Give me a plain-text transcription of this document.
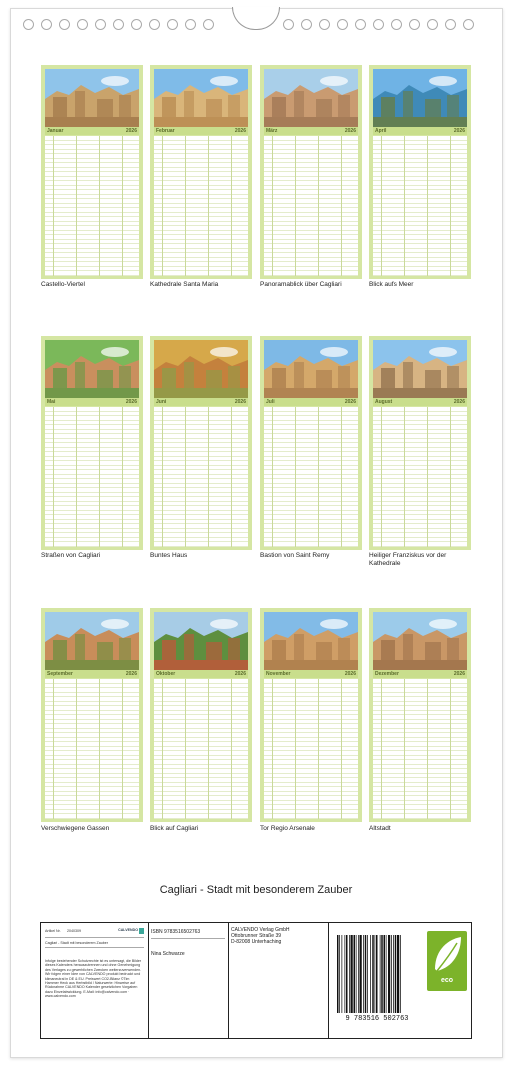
Januar	2026
Castello-Viertel
Februar	2026
Kathedrale Santa Maria
März	2026
Panoramablick über Cagliari
April	2026
Blick aufs Meer
Mai	2026
Straßen von Cagliari
Juni	2026
Buntes Haus
Juli	2026
Bastion von Saint Remy
August	2026
Heiliger Franziskus vor der Kathedrale
September	2026
Verschwiegene Gassen
Oktober	2026
Blick auf Cagliari
November	2026
Tor Regio Arsenale
Dezember	2026
Altstadt
Cagliari - Stadt mit besonderem Zauber
Artikel Nr. 2040309	CALVENDO
Cagliari - Stadt mit besonderem Zauber
Infolge bestehender Schutzrechte ist es untersagt, die Bilder dieses Kalenders herauszutrennen und ohne Genehmigung des Verlages zu gewerblichen Zwecken weiterzuverwenden. Wir folgen einer Idee von CALVENDO produkt bedruckt und klimaneutral in DE & EU. Preiswert CO2-Bilanz ©Tim Hammer Heck aus Herbstbild / Naturwerte: Hinweise auf Rücknahme CALVENDO Kalender gesetzlichen Vorgaben dazu Einzelabwicklung. E-Mail: info@calvendo.com · www.calvendo.com
ISBN 9783516502763
Nina Schwarze
CALVENDO Verlag GmbH
Ottobrunner Straße 39
D-82008 Unterhaching
9 783516 502763
eco
